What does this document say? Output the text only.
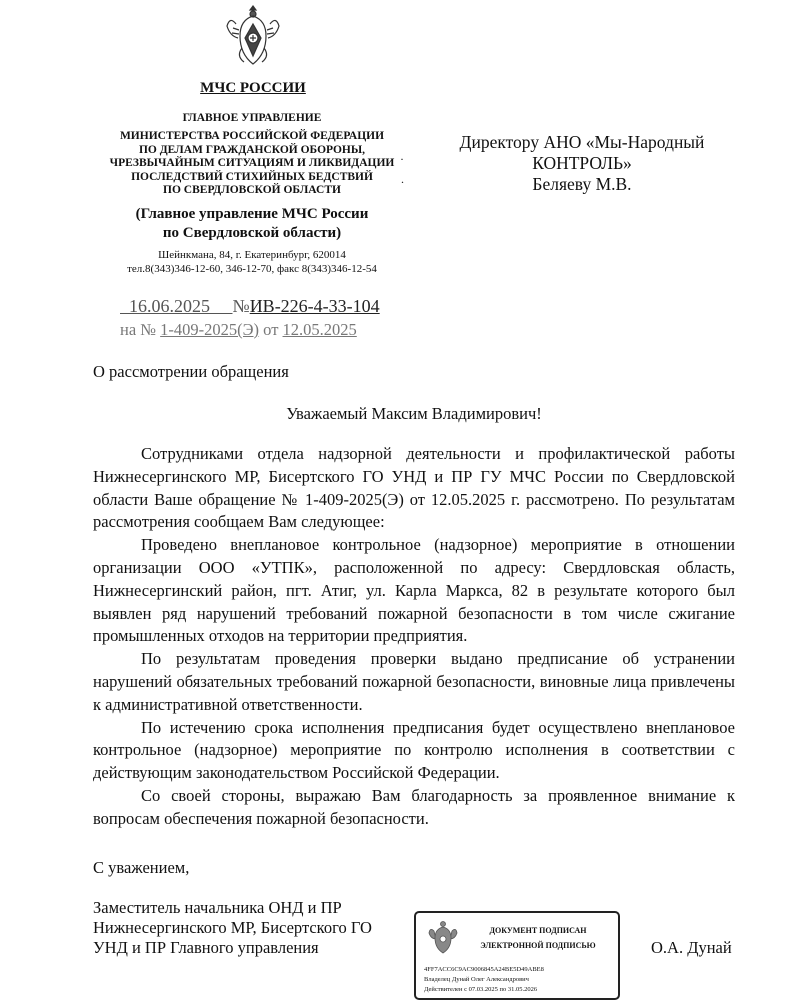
МЧС РОССИИ
ГЛАВНОЕ УПРАВЛЕНИЕ
МИНИСТЕРСТВА РОССИЙСКОЙ ФЕДЕРАЦИИ
ПО ДЕЛАМ ГРАЖДАНСКОЙ ОБОРОНЫ,
ЧРЕЗВЫЧАЙНЫМ СИТУАЦИЯМ И ЛИКВИДАЦИИ
ПОСЛЕДСТВИЙ СТИХИЙНЫХ БЕДСТВИЙ
ПО СВЕРДЛОВСКОЙ ОБЛАСТИ
·
.
(Главное управление МЧС России
по Свердловской области)
Шейнкмана, 84, г. Екатеринбург, 620014
тел.8(343)346-12-60, 346-12-70, факс 8(343)346-12-54
Директору АНО «Мы-Народный
КОНТРОЛЬ»
Беляеву М.В.
16.06.2025 №ИВ-226-4-33-104
на № 1-409-2025(Э) от 12.05.2025
О рассмотрении обращения
Уважаемый Максим Владимирович!

Сотрудниками отдела надзорной деятельности и профилактической работы Нижнесергинского МР, Бисертского ГО УНД и ПР ГУ МЧС России по Свердловской области Ваше обращение № 1-409-2025(Э) от 12.05.2025 г. рассмотрено. По результатам рассмотрения сообщаем Вам следующее:

Проведено внеплановое контрольное (надзорное) мероприятие в отношении организации ООО «УТПК», расположенной по адресу: Свердловская область, Нижнесергинский район, пгт. Атиг, ул. Карла Маркса, 82 в результате которого был выявлен ряд нарушений требований пожарной безопасности в том числе сжигание промышленных отходов на территории предприятия.

По результатам проведения проверки выдано предписание об устранении нарушений обязательных требований пожарной безопасности, виновные лица привлечены к административной ответственности.

По истечению срока исполнения предписания будет осуществлено внеплановое контрольное (надзорное) мероприятие по контролю исполнения в соответствии с действующим законодательством Российской Федерации.

Со своей стороны, выражаю Вам благодарность за проявленное внимание к вопросам обеспечения пожарной безопасности.

С уважением,
Заместитель начальника ОНД и ПР
Нижнесергинского МР, Бисертского ГО
УНД и ПР Главного управления
ДОКУМЕНТ ПОДПИСАН
ЭЛЕКТРОННОЙ ПОДПИСЬЮ
4FF7ACC6C9AC9006845A24BE5D49ABE8
Владелец Дунай Олег Александрович
Действителен с 07.03.2025 по 31.05.2026
О.А. Дунай
